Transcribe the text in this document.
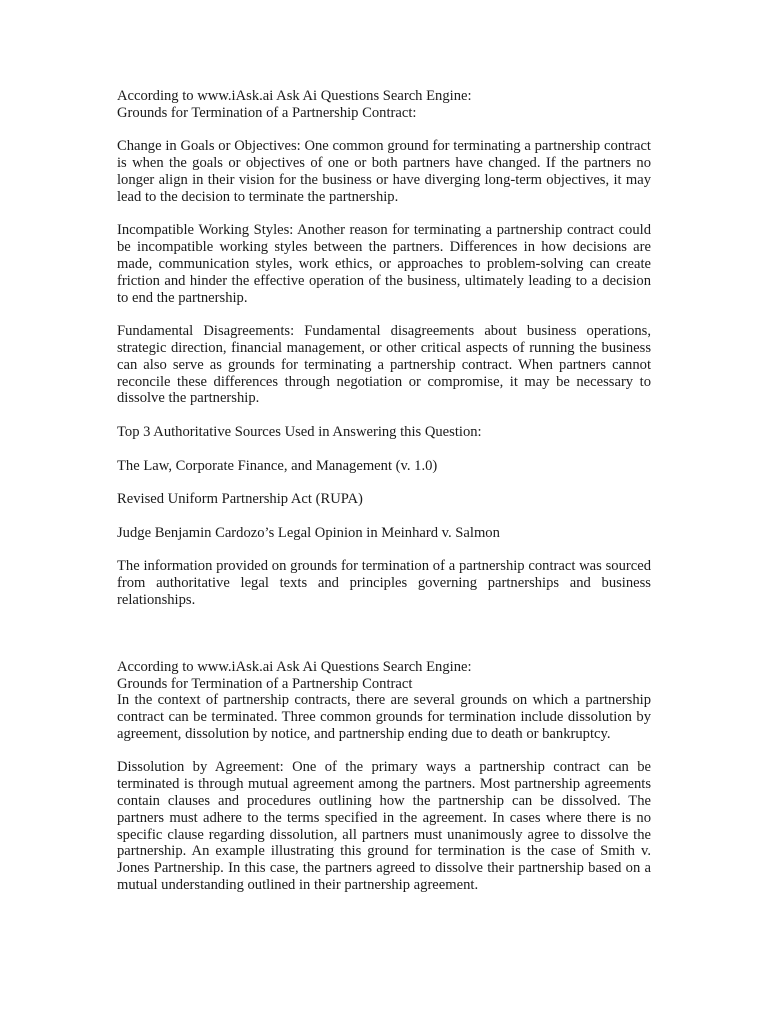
According to www.iAsk.ai Ask Ai Questions Search Engine:
Grounds for Termination of a Partnership Contract:

Change in Goals or Objectives: One common ground for terminating a partnership contract is when the goals or objectives of one or both partners have changed. If the partners no longer align in their vision for the business or have diverging long-term objectives, it may lead to the decision to terminate the partnership.

Incompatible Working Styles: Another reason for terminating a partnership contract could be incompatible working styles between the partners. Differences in how decisions are made, communication styles, work ethics, or approaches to problem-solving can create friction and hinder the effective operation of the business, ultimately leading to a decision to end the partnership.

Fundamental Disagreements: Fundamental disagreements about business operations, strategic direction, financial management, or other critical aspects of running the business can also serve as grounds for terminating a partnership contract. When partners cannot reconcile these differences through negotiation or compromise, it may be necessary to dissolve the partnership.

Top 3 Authoritative Sources Used in Answering this Question:

The Law, Corporate Finance, and Management (v. 1.0)

Revised Uniform Partnership Act (RUPA)

Judge Benjamin Cardozo’s Legal Opinion in Meinhard v. Salmon

The information provided on grounds for termination of a partnership contract was sourced from authoritative legal texts and principles governing partnerships and business relationships.

According to www.iAsk.ai Ask Ai Questions Search Engine:
Grounds for Termination of a Partnership Contract

In the context of partnership contracts, there are several grounds on which a partnership contract can be terminated. Three common grounds for termination include dissolution by agreement, dissolution by notice, and partnership ending due to death or bankruptcy.

Dissolution by Agreement: One of the primary ways a partnership contract can be terminated is through mutual agreement among the partners. Most partnership agreements contain clauses and procedures outlining how the partnership can be dissolved. The partners must adhere to the terms specified in the agreement. In cases where there is no specific clause regarding dissolution, all partners must unanimously agree to dissolve the partnership. An example illustrating this ground for termination is the case of Smith v. Jones Partnership. In this case, the partners agreed to dissolve their partnership based on a mutual understanding outlined in their partnership agreement.
